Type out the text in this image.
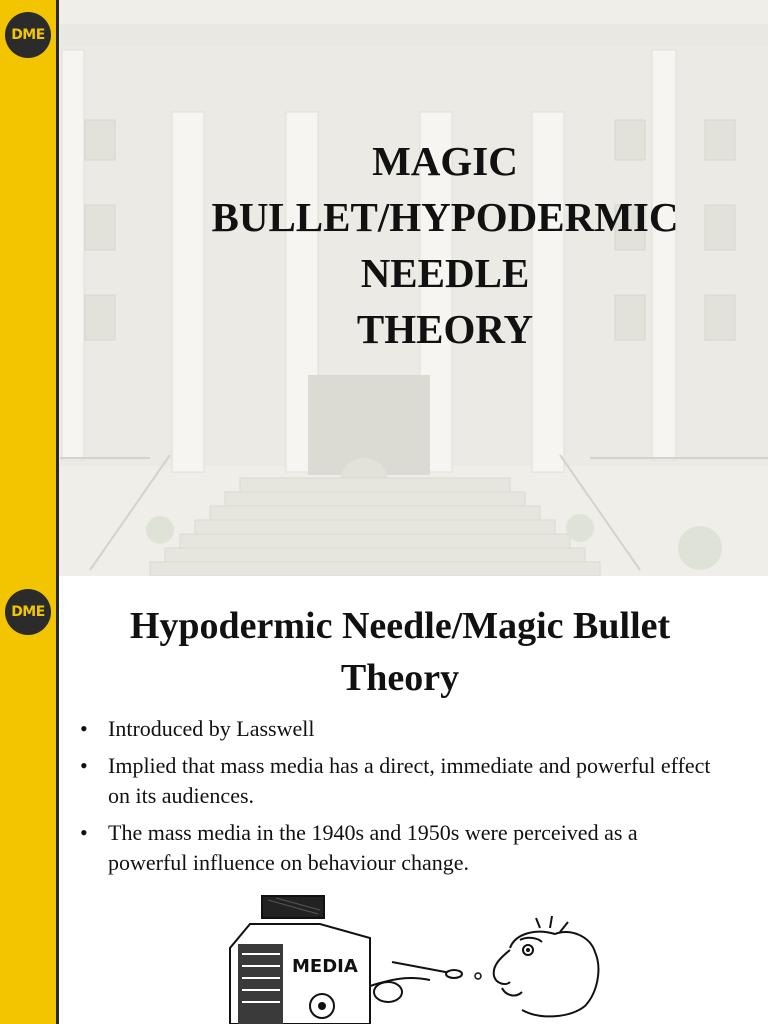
DME
MAGIC
BULLET/HYPODERMIC
NEEDLE
THEORY
DME	Hypodermic Needle/Magic Bullet
Theory
• Introduced by Lasswell
• Implied that mass media has a direct, immediate and powerful effect on its audiences.
• The mass media in the 1940s and 1950s were perceived as a powerful influence on behaviour change.
MEDIA
